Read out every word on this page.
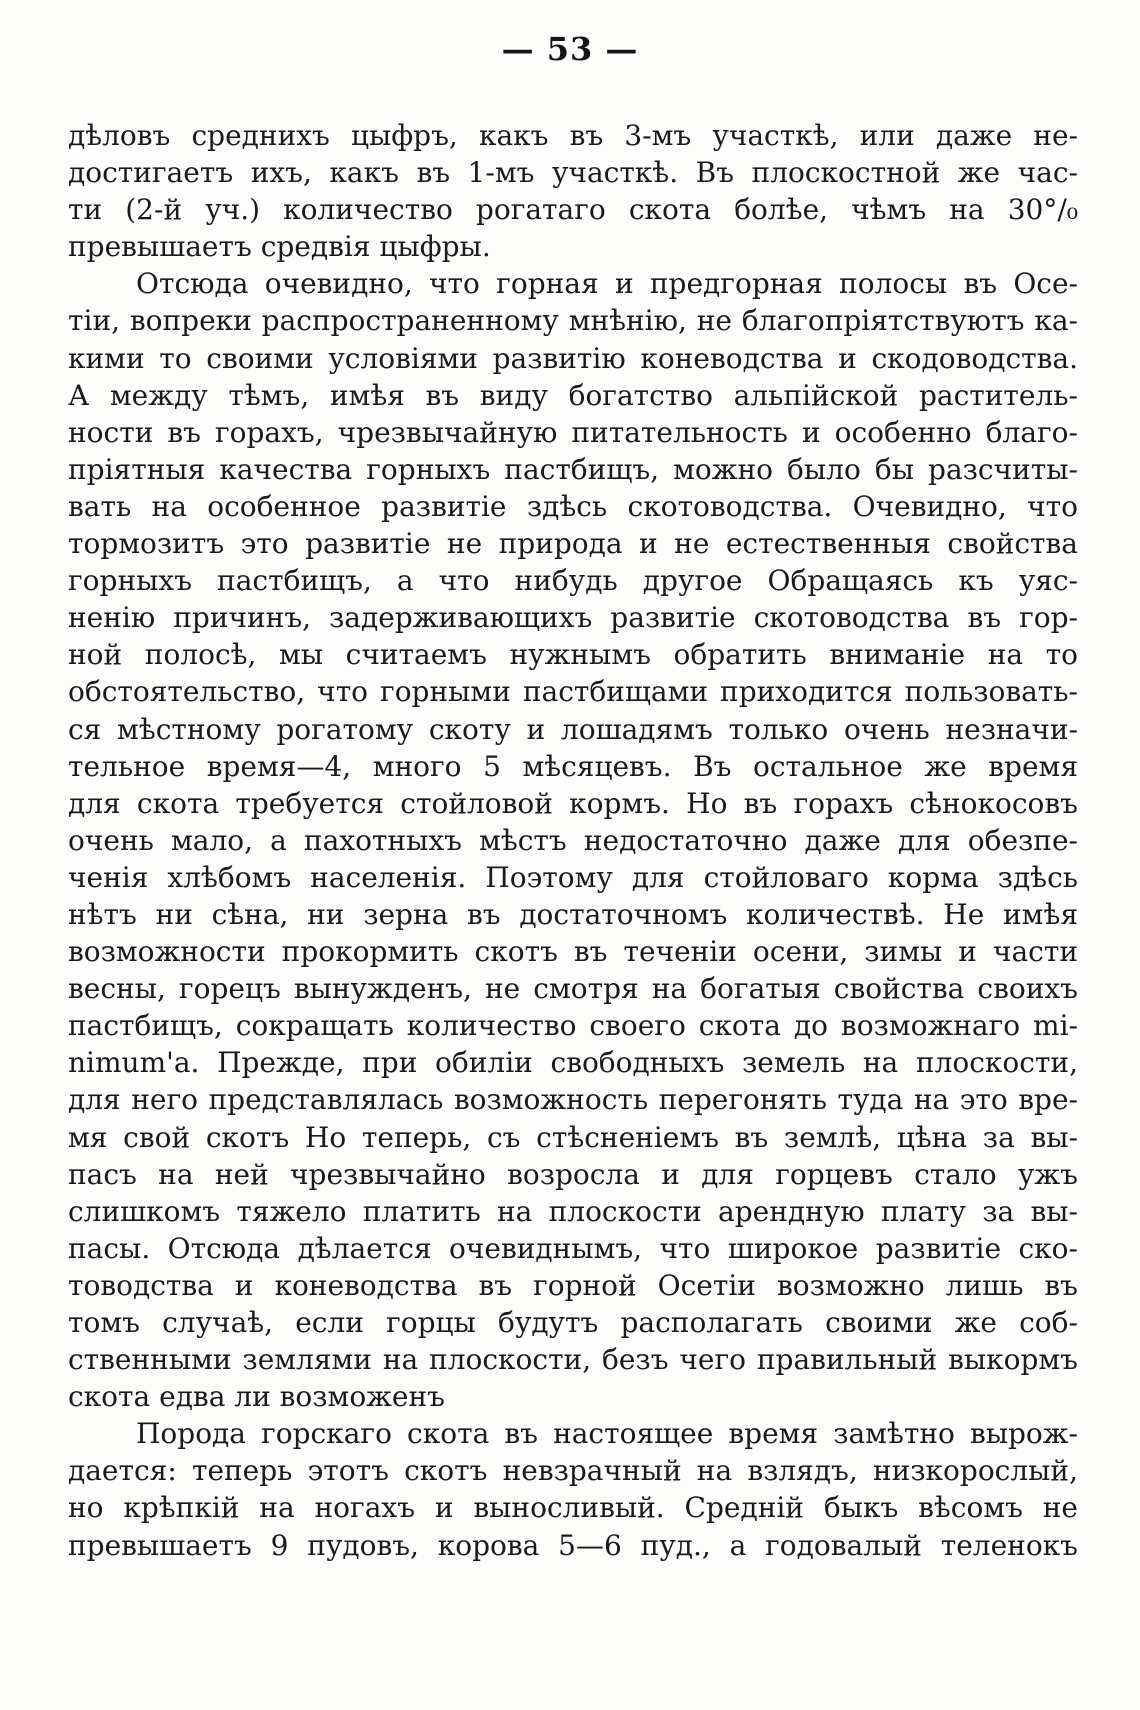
— 53 —
дѣловъ среднихъ цыфръ, какъ въ 3-мъ участкѣ, или даже не-
достигаетъ ихъ, какъ въ 1-мъ участкѣ. Въ плоскостной же час-
ти (2-й уч.) количество рогатаго скота болѣе, чѣмъ на 30°/₀
превышаетъ средвія цыфры.
Отсюда очевидно, что горная и предгорная полосы въ Осе-
тіи, вопреки распространенному мнѣнію, не благопріятствуютъ ка-
кими то своими условіями развитію коневодства и скодоводства.
А между тѣмъ, имѣя въ виду богатство альпійской раститель-
ности въ горахъ, чрезвычайную питательность и особенно благо-
пріятныя качества горныхъ пастбищъ, можно было бы разсчиты-
вать на особенное развитіе здѣсь скотоводства. Очевидно, что
тормозитъ это развитіе не природа и не естественныя свойства
горныхъ пастбищъ, а что нибудь другое Обращаясь къ уяс-
ненію причинъ, задерживающихъ развитіе скотоводства въ гор-
ной полосѣ, мы считаемъ нужнымъ обратить вниманіе на то
обстоятельство, что горными пастбищами приходится пользовать-
ся мѣстному рогатому скоту и лошадямъ только очень незначи-
тельное время—4, много 5 мѣсяцевъ. Въ остальное же время
для скота требуется стойловой кормъ. Но въ горахъ сѣнокосовъ
очень мало, а пахотныхъ мѣстъ недостаточно даже для обезпе-
ченія хлѣбомъ населенія. Поэтому для стойловаго корма здѣсь
нѣтъ ни сѣна, ни зерна въ достаточномъ количествѣ. Не имѣя
возможности прокормить скотъ въ теченіи осени, зимы и части
весны, горецъ вынужденъ, не смотря на богатыя свойства своихъ
пастбищъ, сокращать количество своего скота до возможнаго mi-
nimum'a. Прежде, при обиліи свободныхъ земель на плоскости,
для него представлялась возможность перегонять туда на это вре-
мя свой скотъ Но теперь, съ стѣсненіемъ въ землѣ, цѣна за вы-
пасъ на ней чрезвычайно возросла и для горцевъ стало ужъ
слишкомъ тяжело платить на плоскости арендную плату за вы-
пасы. Отсюда дѣлается очевиднымъ, что широкое развитіе ско-
товодства и коневодства въ горной Осетіи возможно лишь въ
томъ случаѣ, если горцы будутъ располагать своими же соб-
ственными землями на плоскости, безъ чего правильный выкормъ
скота едва ли возможенъ
Порода горскаго скота въ настоящее время замѣтно вырож-
дается: теперь этотъ скотъ невзрачный на взлядъ, низкорослый,
но крѣпкій на ногахъ и выносливый. Средній быкъ вѣсомъ не
превышаетъ 9 пудовъ, корова 5—6 пуд., а годовалый теленокъ
